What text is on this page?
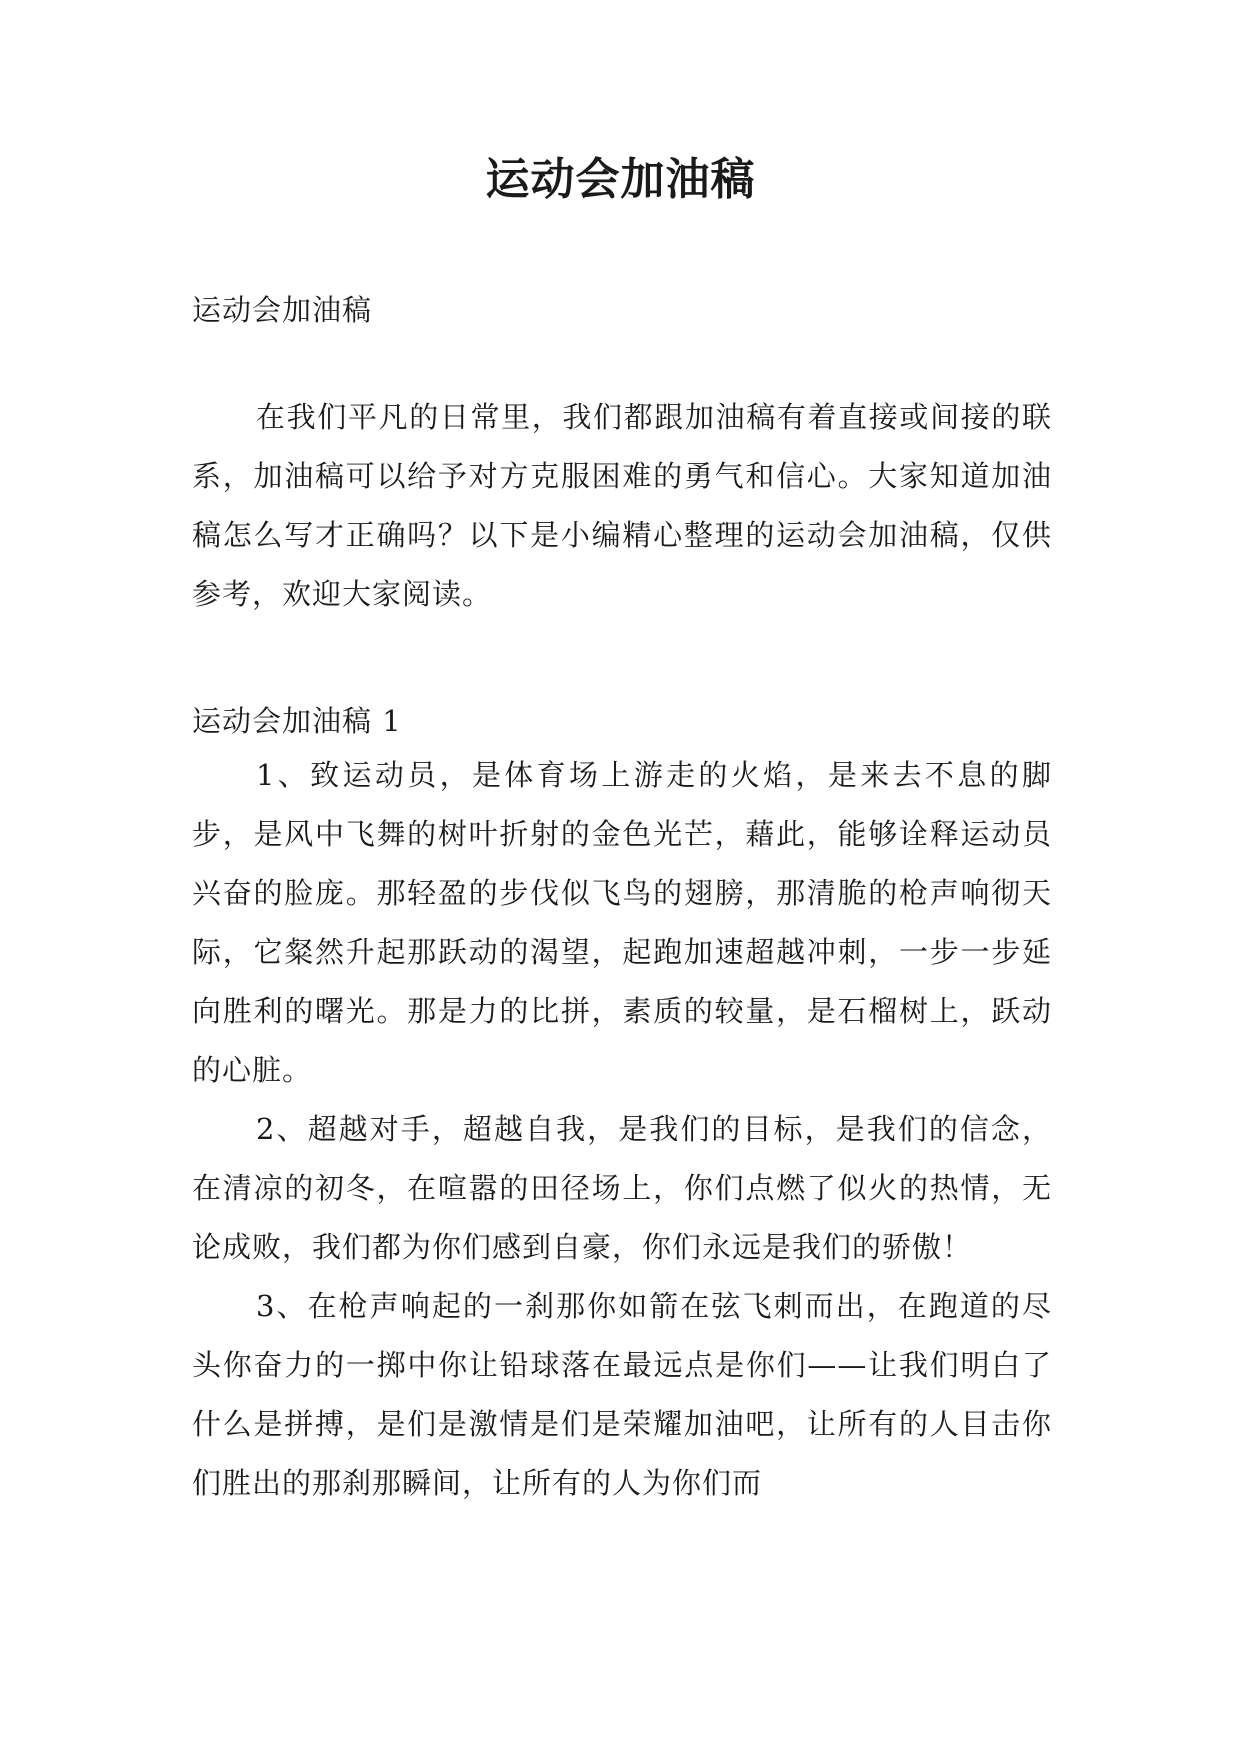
运动会加油稿

运动会加油稿

在我们平凡的日常里，我们都跟加油稿有着直接或间接的联系，加油稿可以给予对方克服困难的勇气和信心。大家知道加油稿怎么写才正确吗？以下是小编精心整理的运动会加油稿，仅供参考，欢迎大家阅读。

运动会加油稿 1

1、致运动员，是体育场上游走的火焰，是来去不息的脚步，是风中飞舞的树叶折射的金色光芒，藉此，能够诠释运动员兴奋的脸庞。那轻盈的步伐似飞鸟的翅膀，那清脆的枪声响彻天际，它粲然升起那跃动的渴望，起跑加速超越冲刺，一步一步延向胜利的曙光。那是力的比拼，素质的较量，是石榴树上，跃动的心脏。

2、超越对手，超越自我，是我们的目标，是我们的信念，在清凉的初冬，在喧嚣的田径场上，你们点燃了似火的热情，无论成败，我们都为你们感到自豪，你们永远是我们的骄傲！

3、在枪声响起的一刹那你如箭在弦飞刺而出，在跑道的尽头你奋力的一掷中你让铅球落在最远点是你们——让我们明白了什么是拼搏，是们是激情是们是荣耀加油吧，让所有的人目击你们胜出的那刹那瞬间，让所有的人为你们而
